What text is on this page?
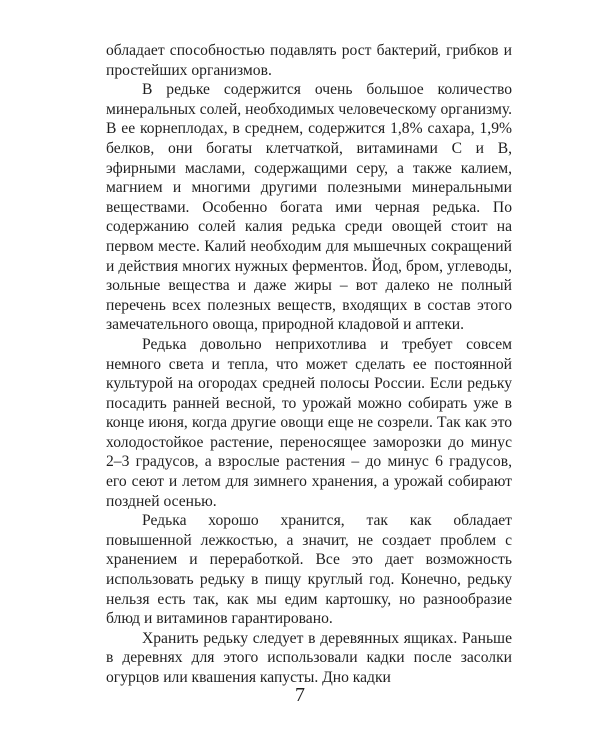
обладает способностью подавлять рост бактерий, грибков и простейших организмов.

В редьке содержится очень большое количество минеральных солей, необходимых человеческому организму. В ее корнеплодах, в среднем, содержится 1,8% сахара, 1,9% белков, они богаты клетчаткой, витаминами С и В, эфирными маслами, содержащими серу, а также калием, магнием и многими другими полезными минеральными веществами. Особенно богата ими черная редька. По содержанию солей калия редька среди овощей стоит на первом месте. Калий необходим для мышечных сокращений и действия многих нужных ферментов. Йод, бром, углеводы, зольные вещества и даже жиры – вот далеко не полный перечень всех полезных веществ, входящих в состав этого замечательного овоща, природной кладовой и аптеки.

Редька довольно неприхотлива и требует совсем немного света и тепла, что может сделать ее постоянной культурой на огородах средней полосы России. Если редьку посадить ранней весной, то урожай можно собирать уже в конце июня, когда другие овощи еще не созрели. Так как это холодостойкое растение, переносящее заморозки до минус 2–3 градусов, а взрослые растения – до минус 6 градусов, его сеют и летом для зимнего хранения, а урожай собирают поздней осенью.

Редька хорошо хранится, так как обладает повышенной лежкостью, а значит, не создает проблем с хранением и переработкой. Все это дает возможность использовать редьку в пищу круглый год. Конечно, редьку нельзя есть так, как мы едим картошку, но разнообразие блюд и витаминов гарантировано.

Хранить редьку следует в деревянных ящиках. Раньше в деревнях для этого использовали кадки после засолки огурцов или квашения капусты. Дно кадки

7
